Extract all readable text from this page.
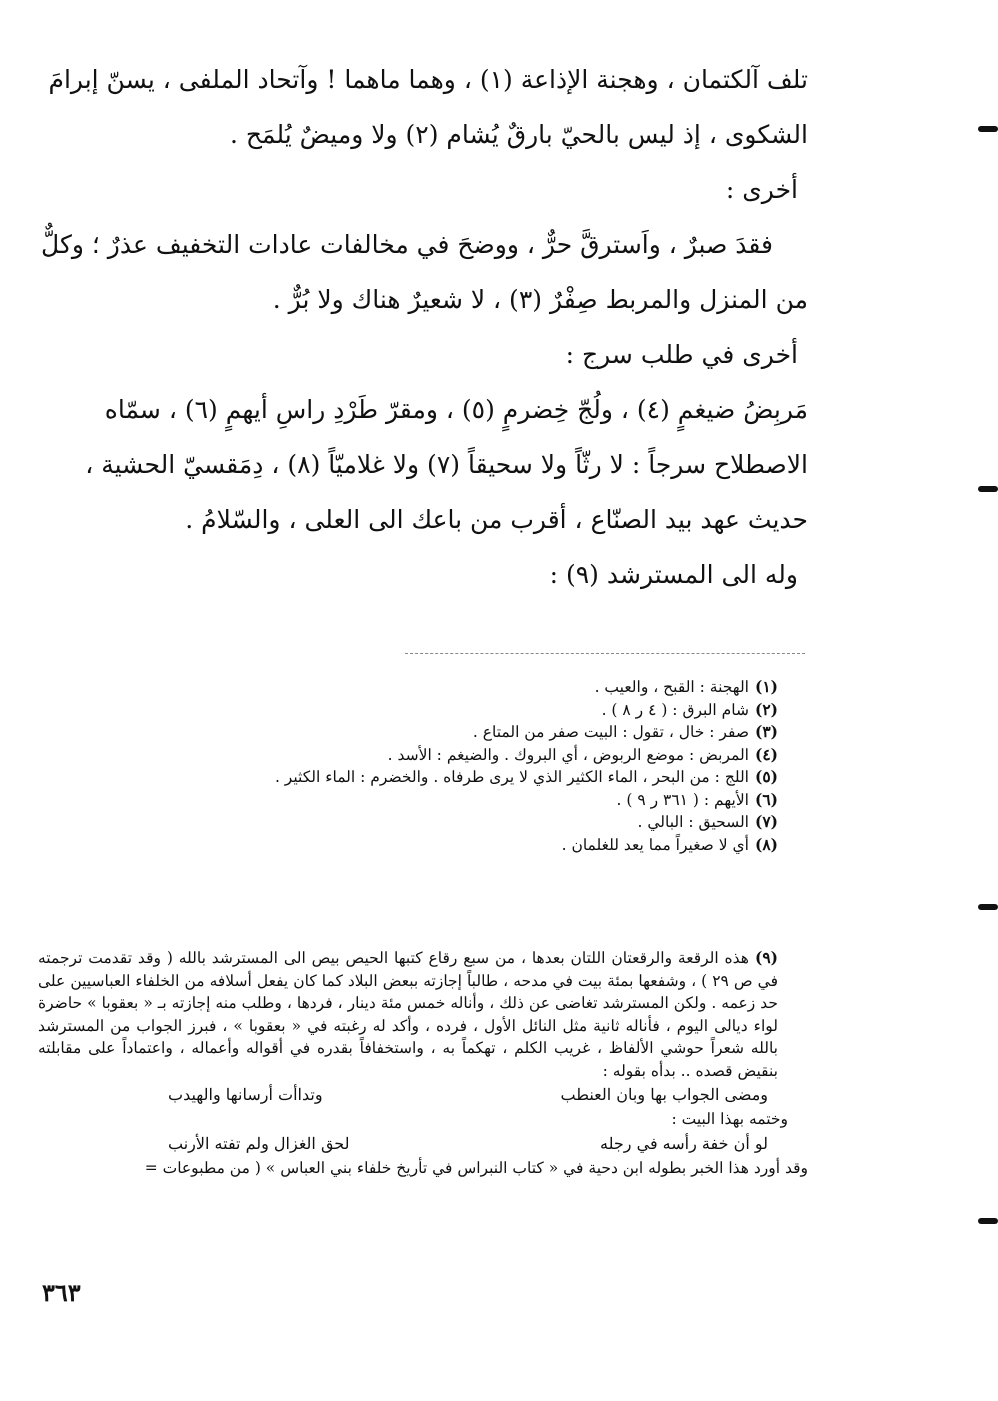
تلف آلكتمان ، وهجنة الإذاعة (١) ، وهما ماهما ! وآتحاد الملفى ، يسنّ إبرامَ

الشكوى ، إذ ليس بالحيّ بارقٌ يُشام (٢) ولا وميضٌ يُلمَح .

أخرى :

فقدَ صبرٌ ، واَسترقَّ حرٌّ ، ووضحَ في مخالفات عادات التخفيف عذرٌ ؛ وكلٌّ

من المنزل والمربط صِفْرٌ (٣) ، لا شعيرٌ هناك ولا بُرٌّ .

أخرى في طلب سرج :

مَربِضُ ضيغمٍ (٤) ، ولُجّ خِضرمٍ (٥) ، ومقرّ طَرْدِ راسِ أيهمٍ (٦) ، سمّاه

الاصطلاح سرجاً : لا رثّاً ولا سحيقاً (٧) ولا غلاميّاً (٨) ، دِمَقسيّ الحشية ،

حديث عهد بيد الصنّاع ، أقرب من باعك الى العلى ، والسّلامُ .

وله الى المسترشد (٩) :

(١)الهجنة : القبح ، والعيب .

(٢)شام البرق : ( ٤ ر ٨ ) .

(٣)صفر : خال ، تقول : البيت صفر من المتاع .

(٤)المربض : موضع الربوض ، أي البروك . والضيغم : الأسد .

(٥)اللج : من البحر ، الماء الكثير الذي لا يرى طرفاه . والخضرم : الماء الكثير .

(٦)الأيهم : ( ٣٦١ ر ٩ ) .

(٧)السحيق : البالي .

(٨)أي لا صغيراً مما يعد للغلمان .

(٩)هذه الرقعة والرقعتان اللتان بعدها ، من سبع رقاع كتبها الحيص بيص الى المسترشد بالله ( وقد تقدمت ترجمته في ص ٢٩ ) ، وشفعها بمئة بيت في مدحه ، طالباً إجازته ببعض البلاد كما كان يفعل أسلافه من الخلفاء العباسيين على حد زعمه . ولكن المسترشد تغاضى عن ذلك ، وأناله خمس مئة دينار ، فردها ، وطلب منه إجازته بـ « بعقوبا » حاضرة لواء ديالى اليوم ، فأناله ثانية مثل النائل الأول ، فرده ، وأكد له رغبته في « بعقوبا » ، فبرز الجواب من المسترشد بالله شعراً حوشي الألفاظ ، غريب الكلم ، تهكماً به ، واستخفافاً بقدره في أقواله وأعماله ، واعتماداً على مقابلته بنقيض قصده .. بدأه بقوله :

ومضى الجواب بها وبان العنطب
وتداأت أرسانها والهيدب

وختمه بهذا البيت :

لو أن خفة رأسه في رجله
لحق الغزال ولم تفته الأرنب

وقد أورد هذا الخبر بطوله ابن دحية في « كتاب النبراس في تأريخ خلفاء بني العباس » ( من مطبوعات =

٣٦٣
